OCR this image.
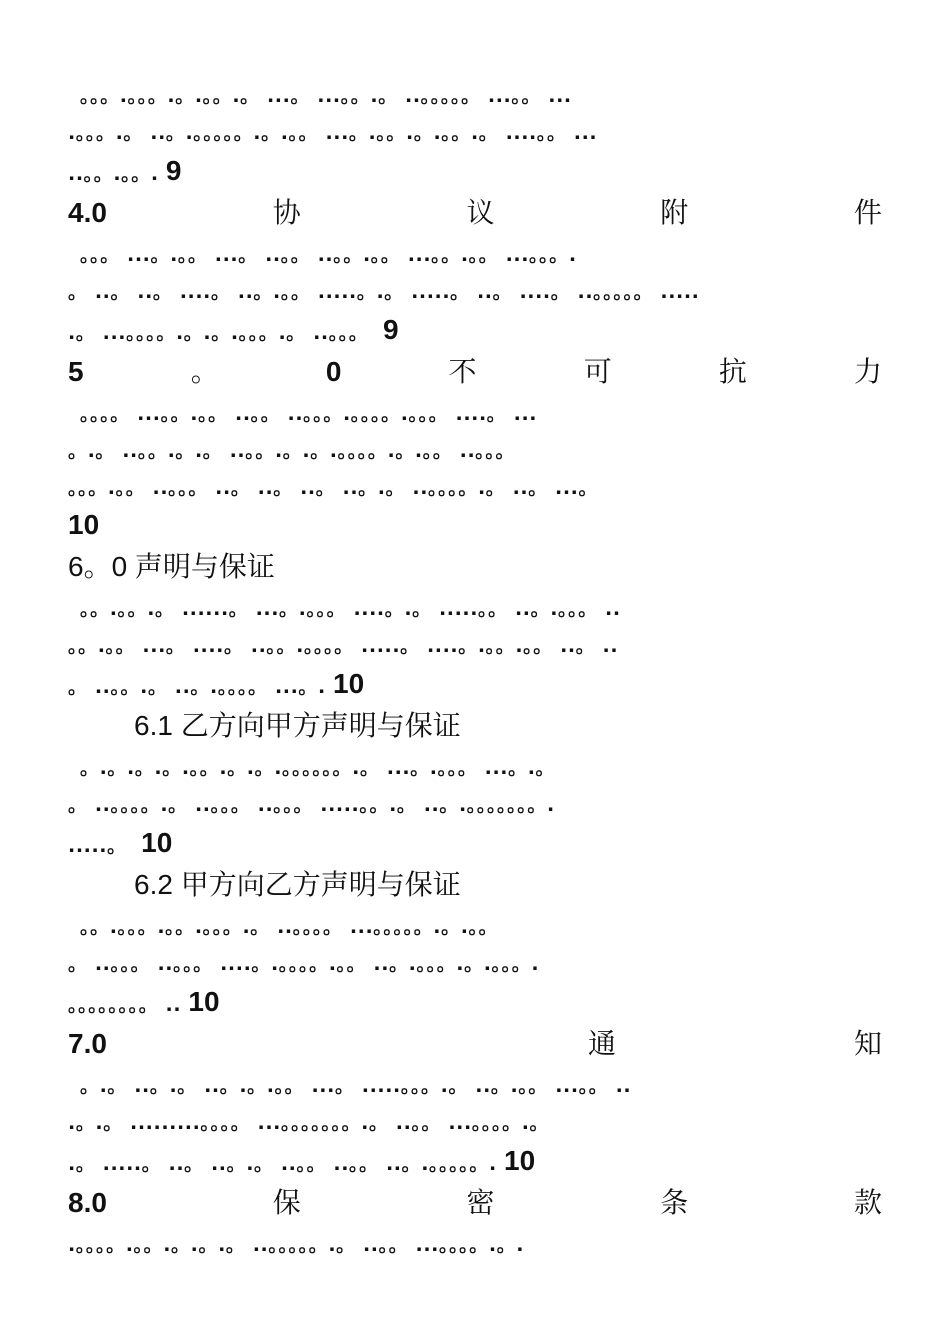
。。。.。。。.。.。。.。 ...。 ...。。.。 ..。。。。。 ...。。 ...
.。。。.。 ..。.。。。。。.。.。。 ...。.。。.。.。。.。 ....。。 ...
..。。.。。. 9
4.0	协	议	附	件
。。。 ...。.。。 ...。 ..。。 ..。。.。。 ...。。.。。 ...。。。.
。 ..。 ..。 ....。 ..。.。。 .....。.。 .....。 ..。 ....。 ..。。。。。 .....
.。 ...。。。。.。.。.。。。.。 ..。。。  9
5	。	0	不	可	抗	力
。。。。 ...。。.。。 ..。。 ..。。。.。。。。.。。。 ....。 ...
。.。 ..。。.。.。 ..。。.。.。.。。。。.。.。。 ..。。。
。。。.。。 ..。。。 ..。 ..。 ..。 ..。.。 ..。。。。.。 ..。 ...。
10
6。0 声明与保证
。。.。。.。 ......。 ...。.。。。 ....。.。 .....。。 ..。.。。。 ..
。。.。。 ...。 ....。 ..。。.。。。。 .....。 ....。.。。.。。 ..。 ..
。 ..。。.。 ..。.。。。。 ...。. 10
6.1 乙方向甲方声明与保证
。.。.。.。.。。.。.。.。。。。。。.。 ...。.。。。 ...。.。
。 ..。。。。.。 ..。。。 ..。。。 .....。。.。 ..。.。。。。。。。.
.....。  10
6.2 甲方向乙方声明与保证
。。.。。。.。。.。。。.。 ..。。。。 ...。。。。。.。.。。
。 ..。。。 ..。。。 ....。.。。。。.。。 ..。.。。。.。.。。。.
。。。。。。。。 .. 10
7.0	通	知
。.。 ..。.。 ..。.。.。。 ...。 .....。。。.。 ..。.。。 ...。。 ..
.。.。 .........。。。。 ...。。。。。。。.。 ..。。 ...。。。。.。
.。 .....。 ..。 ..。.。 ..。。 ..。。 ..。.。。。。。. 10
8.0	保	密	条	款
.。。。。.。。.。.。.。 ..。。。。。.。 ..。。 ...。。。。.。.
